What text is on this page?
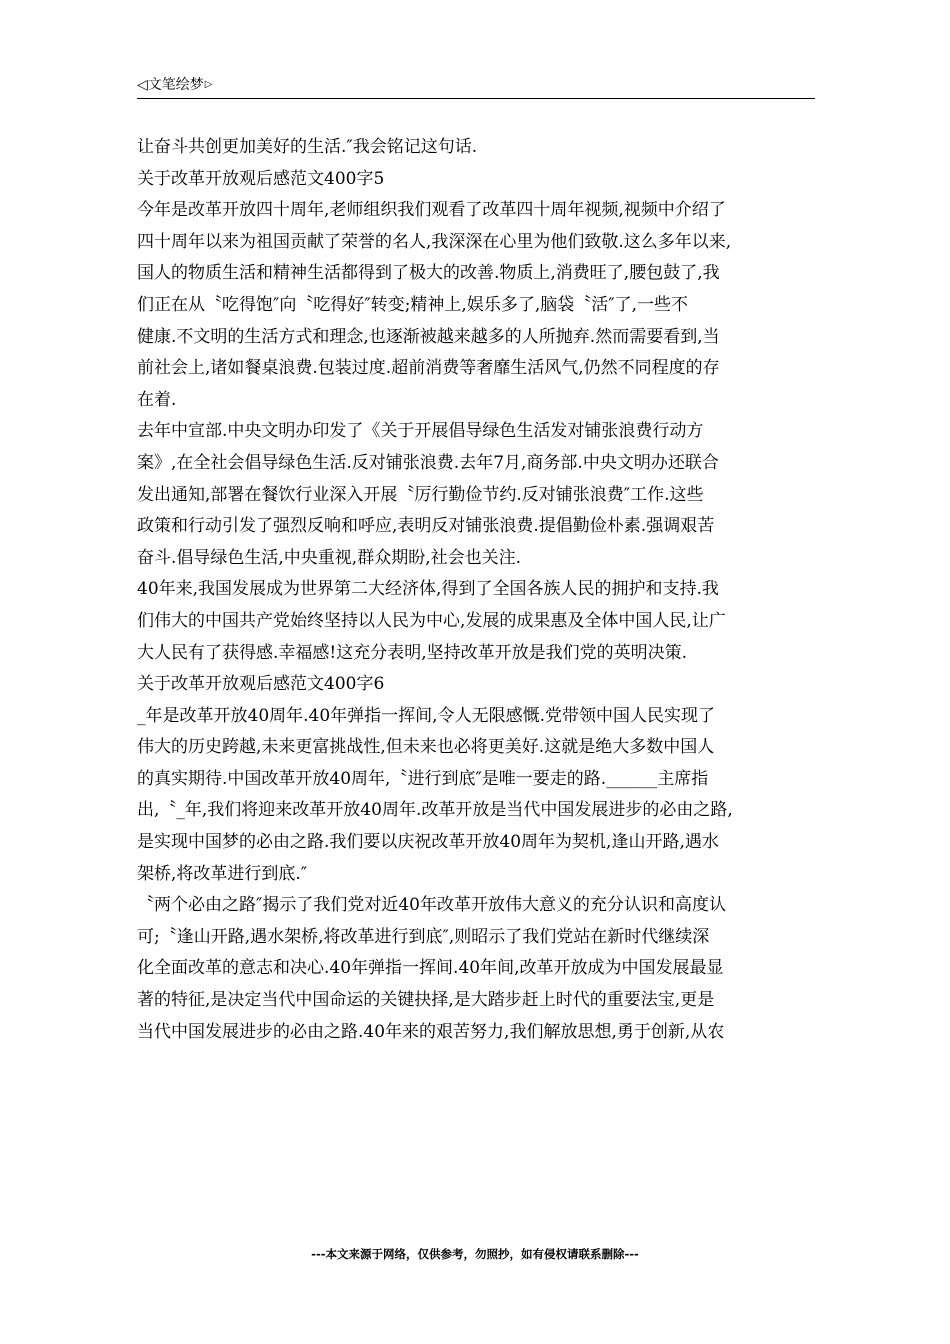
◁ 文笔绘梦 ▷
让奋斗共创更加美好的生活.″我会铭记这句话.
关于改革开放观后感范文400字5
今年是改革开放四十周年,老师组织我们观看了改革四十周年视频,视频中介绍了
四十周年以来为祖国贡献了荣誉的名人,我深深在心里为他们致敬.这么多年以来,
国人的物质生活和精神生活都得到了极大的改善.物质上,消费旺了,腰包鼓了,我
们正在从〝吃得饱″向〝吃得好″转变;精神上,娱乐多了,脑袋〝活″了,一些不
健康.不文明的生活方式和理念,也逐渐被越来越多的人所抛弃.然而需要看到,当
前社会上,诸如餐桌浪费.包装过度.超前消费等奢靡生活风气,仍然不同程度的存
在着.
去年中宣部.中央文明办印发了《关于开展倡导绿色生活发对铺张浪费行动方
案》,在全社会倡导绿色生活.反对铺张浪费.去年7月,商务部.中央文明办还联合
发出通知,部署在餐饮行业深入开展〝厉行勤俭节约.反对铺张浪费″工作.这些
政策和行动引发了强烈反响和呼应,表明反对铺张浪费.提倡勤俭朴素.强调艰苦
奋斗.倡导绿色生活,中央重视,群众期盼,社会也关注.
40年来,我国发展成为世界第二大经济体,得到了全国各族人民的拥护和支持.我
们伟大的中国共产党始终坚持以人民为中心,发展的成果惠及全体中国人民,让广
大人民有了获得感.幸福感!这充分表明,坚持改革开放是我们党的英明决策.
关于改革开放观后感范文400字6
_年是改革开放40周年.40年弹指一挥间,令人无限感慨.党带领中国人民实现了
伟大的历史跨越,未来更富挑战性,但未来也必将更美好.这就是绝大多数中国人
的真实期待.中国改革开放40周年,〝进行到底″是唯一要走的路.______主席指
出,〝_年,我们将迎来改革开放40周年.改革开放是当代中国发展进步的必由之路,
是实现中国梦的必由之路.我们要以庆祝改革开放40周年为契机,逢山开路,遇水
架桥,将改革进行到底.″
〝两个必由之路″揭示了我们党对近40年改革开放伟大意义的充分认识和高度认
可;〝逢山开路,遇水架桥,将改革进行到底″,则昭示了我们党站在新时代继续深
化全面改革的意志和决心.40年弹指一挥间.40年间,改革开放成为中国发展最显
著的特征,是决定当代中国命运的关键抉择,是大踏步赶上时代的重要法宝,更是
当代中国发展进步的必由之路.40年来的艰苦努力,我们解放思想,勇于创新,从农
---本文来源于网络，仅供参考，勿照抄，如有侵权请联系删除---
